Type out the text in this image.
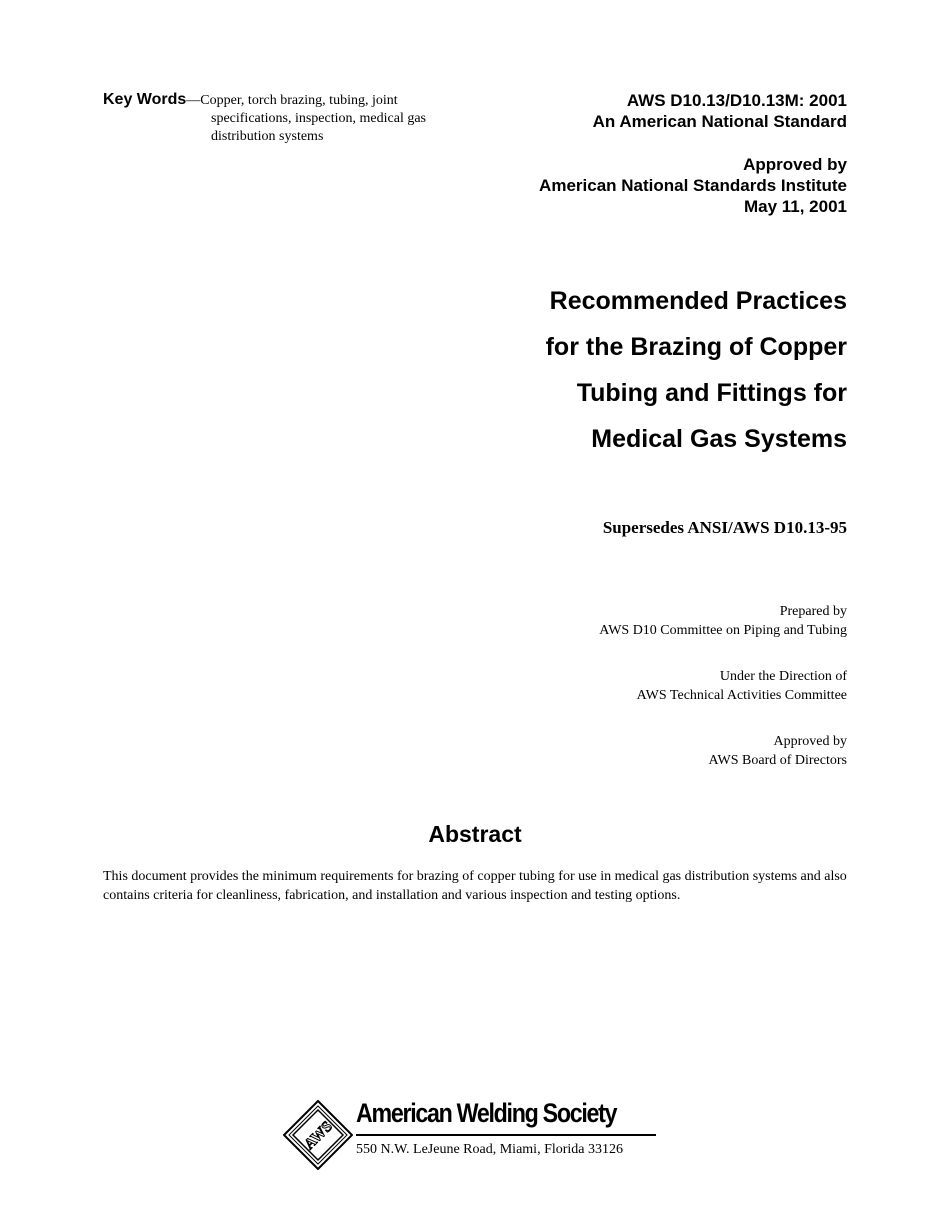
Key Words — Copper, torch brazing, tubing, joint
specifications, inspection, medical gas
distribution systems
AWS D10.13/D10.13M: 2001
An American National Standard
Approved by
American National Standards Institute
May 11, 2001
Recommended Practices
for the Brazing of Copper
Tubing and Fittings for
Medical Gas Systems
Supersedes ANSI/AWS D10.13-95
Prepared by
AWS D10 Committee on Piping and Tubing
Under the Direction of
AWS Technical Activities Committee
Approved by
AWS Board of Directors
Abstract
This document provides the minimum requirements for brazing of copper tubing for use in medical gas distribution systems and also contains criteria for cleanliness, fabrication, and installation and various inspection and testing options.
AWS
American Welding Society
550 N.W. LeJeune Road, Miami, Florida 33126
